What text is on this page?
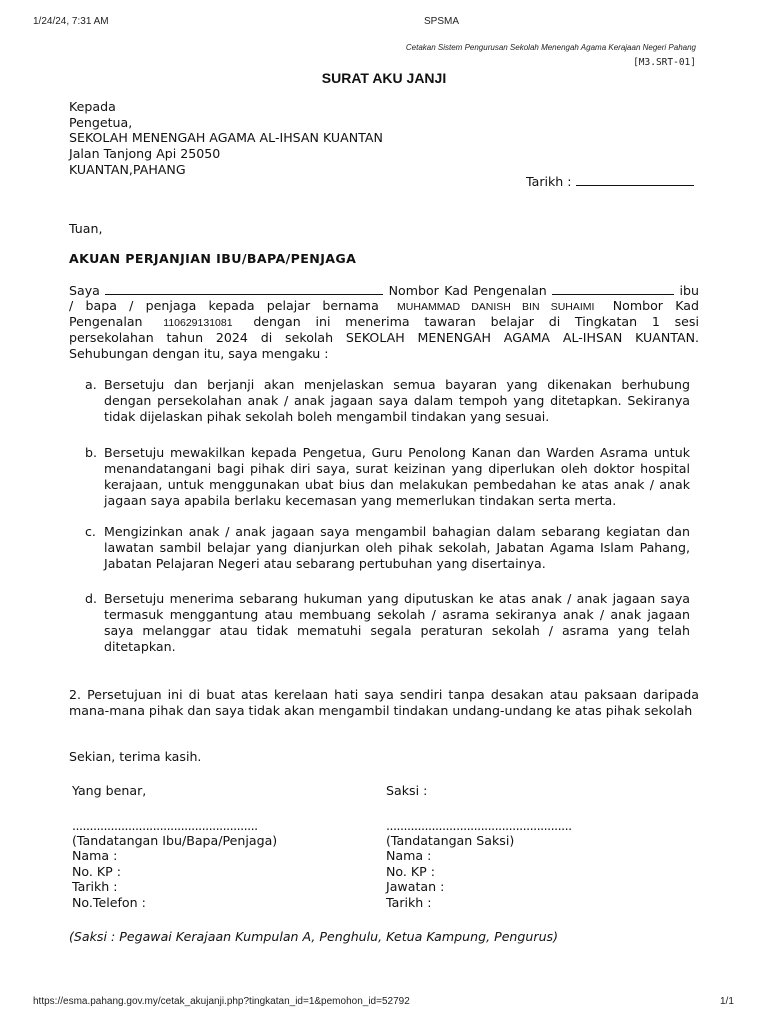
1/24/24, 7:31 AM	SPSMA
Cetakan Sistem Pengurusan Sekolah Menengah Agama Kerajaan Negeri Pahang
[M3.SRT-01]
SURAT AKU JANJI
Kepada
Pengetua,
SEKOLAH MENENGAH AGAMA AL-IHSAN KUANTAN
Jalan Tanjong Api 25050
KUANTAN,PAHANG
Tarikh :
Tuan,
AKUAN PERJANJIAN IBU/BAPA/PENJAGA
Saya	Nombor Kad Pengenalan	ibu
/ bapa / penjaga kepada pelajar bernama MUHAMMAD DANISH BIN SUHAIMI Nombor Kad
Pengenalan 110629131081 dengan ini menerima tawaran belajar di Tingkatan 1 sesi
persekolahan tahun 2024 di sekolah SEKOLAH MENENGAH AGAMA AL-IHSAN KUANTAN.
Sehubungan dengan itu, saya mengaku :
a. Bersetuju dan berjanji akan menjelaskan semua bayaran yang dikenakan berhubung dengan persekolahan anak / anak jagaan saya dalam tempoh yang ditetapkan. Sekiranya tidak dijelaskan pihak sekolah boleh mengambil tindakan yang sesuai.
b. Bersetuju mewakilkan kepada Pengetua, Guru Penolong Kanan dan Warden Asrama untuk menandatangani bagi pihak diri saya, surat keizinan yang diperlukan oleh doktor hospital kerajaan, untuk menggunakan ubat bius dan melakukan pembedahan ke atas anak / anak jagaan saya apabila berlaku kecemasan yang memerlukan tindakan serta merta.
c. Mengizinkan anak / anak jagaan saya mengambil bahagian dalam sebarang kegiatan dan lawatan sambil belajar yang dianjurkan oleh pihak sekolah, Jabatan Agama Islam Pahang, Jabatan Pelajaran Negeri atau sebarang pertubuhan yang disertainya.
d. Bersetuju menerima sebarang hukuman yang diputuskan ke atas anak / anak jagaan saya termasuk menggantung atau membuang sekolah / asrama sekiranya anak / anak jagaan saya melanggar atau tidak mematuhi segala peraturan sekolah / asrama yang telah ditetapkan.
2. Persetujuan ini di buat atas kerelaan hati saya sendiri tanpa desakan atau paksaan daripada mana-mana pihak dan saya tidak akan mengambil tindakan undang-undang ke atas pihak sekolah
Sekian, terima kasih.
Yang benar,
.....................................................
(Tandatangan Ibu/Bapa/Penjaga)
Nama :
No. KP :
Tarikh :
No.Telefon :
Saksi :
.....................................................
(Tandatangan Saksi)
Nama :
No. KP :
Jawatan :
Tarikh :
(Saksi : Pegawai Kerajaan Kumpulan A, Penghulu, Ketua Kampung, Pengurus)
https://esma.pahang.gov.my/cetak_akujanji.php?tingkatan_id=1&pemohon_id=52792	1/1
